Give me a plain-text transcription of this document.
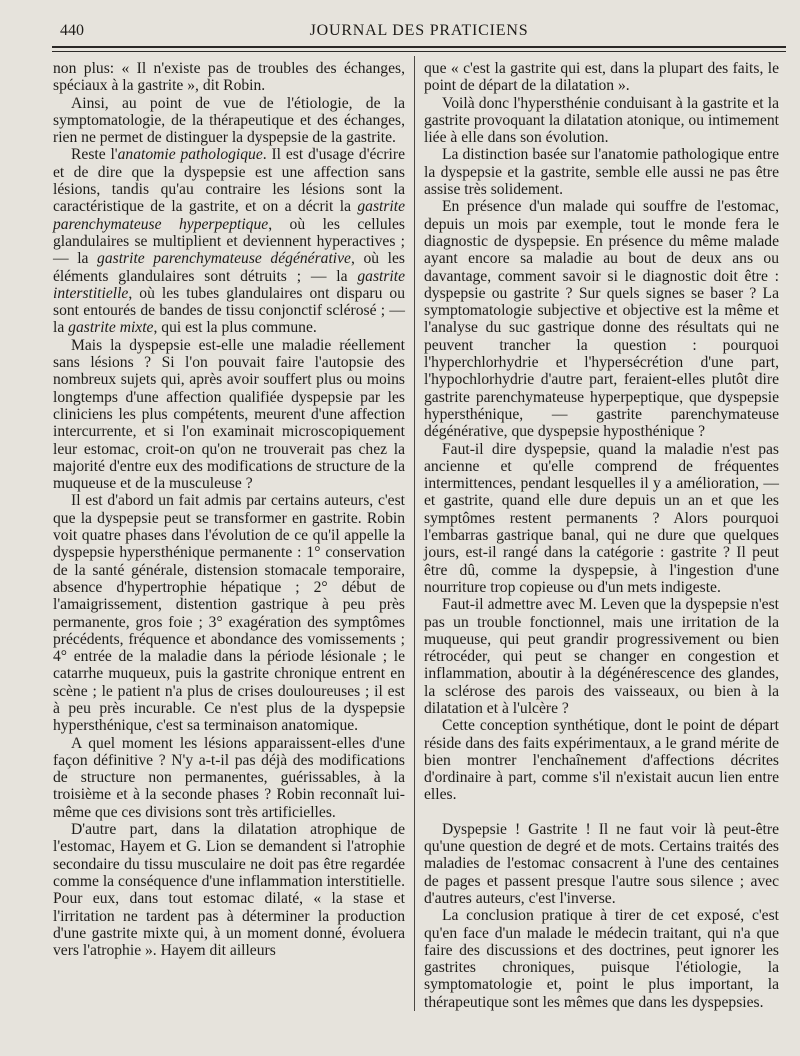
440	JOURNAL DES PRATICIENS

non plus: « Il n'existe pas de troubles des échanges, spéciaux à la gastrite », dit Robin.

Ainsi, au point de vue de l'étiologie, de la symptomatologie, de la thérapeutique et des échanges, rien ne permet de distinguer la dyspepsie de la gastrite.

Reste l'anatomie pathologique. Il est d'usage d'écrire et de dire que la dyspepsie est une affection sans lésions, tandis qu'au contraire les lésions sont la caractéristique de la gastrite, et on a décrit la gastrite parenchymateuse hyperpeptique, où les cellules glandulaires se multiplient et deviennent hyperactives ; — la gastrite parenchymateuse dégénérative, où les éléments glandulaires sont détruits ; — la gastrite interstitielle, où les tubes glandulaires ont disparu ou sont entourés de bandes de tissu conjonctif sclérosé ; — la gastrite mixte, qui est la plus commune.

Mais la dyspepsie est-elle une maladie réellement sans lésions ? Si l'on pouvait faire l'autopsie des nombreux sujets qui, après avoir souffert plus ou moins longtemps d'une affection qualifiée dyspepsie par les cliniciens les plus compétents, meurent d'une affection intercurrente, et si l'on examinait microscopiquement leur estomac, croit-on qu'on ne trouverait pas chez la majorité d'entre eux des modifications de structure de la muqueuse et de la musculeuse ?

Il est d'abord un fait admis par certains auteurs, c'est que la dyspepsie peut se transformer en gastrite. Robin voit quatre phases dans l'évolution de ce qu'il appelle la dyspepsie hypersthénique permanente : 1° conservation de la santé générale, distension stomacale temporaire, absence d'hypertrophie hépatique ; 2° début de l'amaigrissement, distention gastrique à peu près permanente, gros foie ; 3° exagération des symptômes précédents, fréquence et abondance des vomissements ; 4° entrée de la maladie dans la période lésionale ; le catarrhe muqueux, puis la gastrite chronique entrent en scène ; le patient n'a plus de crises douloureuses ; il est à peu près incurable. Ce n'est plus de la dyspepsie hypersthénique, c'est sa terminaison anatomique.

A quel moment les lésions apparaissent-elles d'une façon définitive ? N'y a-t-il pas déjà des modifications de structure non permanentes, guérissables, à la troisième et à la seconde phases ? Robin reconnaît lui-même que ces divisions sont très artificielles.

D'autre part, dans la dilatation atrophique de l'estomac, Hayem et G. Lion se demandent si l'atrophie secondaire du tissu musculaire ne doit pas être regardée comme la conséquence d'une inflammation interstitielle. Pour eux, dans tout estomac dilaté, « la stase et l'irritation ne tardent pas à déterminer la production d'une gastrite mixte qui, à un moment donné, évoluera vers l'atrophie ». Hayem dit ailleurs

que « c'est la gastrite qui est, dans la plupart des faits, le point de départ de la dilatation ».

Voilà donc l'hypersthénie conduisant à la gastrite et la gastrite provoquant la dilatation atonique, ou intimement liée à elle dans son évolution.

La distinction basée sur l'anatomie pathologique entre la dyspepsie et la gastrite, semble elle aussi ne pas être assise très solidement.

En présence d'un malade qui souffre de l'estomac, depuis un mois par exemple, tout le monde fera le diagnostic de dyspepsie. En présence du même malade ayant encore sa maladie au bout de deux ans ou davantage, comment savoir si le diagnostic doit être : dyspepsie ou gastrite ? Sur quels signes se baser ? La symptomatologie subjective et objective est la même et l'analyse du suc gastrique donne des résultats qui ne peuvent trancher la question : pourquoi l'hyperchlorhydrie et l'hypersécrétion d'une part, l'hypochlorhydrie d'autre part, feraient-elles plutôt dire gastrite parenchymateuse hyperpeptique, que dyspepsie hypersthénique, — gastrite parenchymateuse dégénérative, que dyspepsie hyposthénique ?

Faut-il dire dyspepsie, quand la maladie n'est pas ancienne et qu'elle comprend de fréquentes intermittences, pendant lesquelles il y a amélioration, — et gastrite, quand elle dure depuis un an et que les symptômes restent permanents ? Alors pourquoi l'embarras gastrique banal, qui ne dure que quelques jours, est-il rangé dans la catégorie : gastrite ? Il peut être dû, comme la dyspepsie, à l'ingestion d'une nourriture trop copieuse ou d'un mets indigeste.

Faut-il admettre avec M. Leven que la dyspepsie n'est pas un trouble fonctionnel, mais une irritation de la muqueuse, qui peut grandir progressivement ou bien rétrocéder, qui peut se changer en congestion et inflammation, aboutir à la dégénérescence des glandes, la sclérose des parois des vaisseaux, ou bien à la dilatation et à l'ulcère ?

Cette conception synthétique, dont le point de départ réside dans des faits expérimentaux, a le grand mérite de bien montrer l'enchaînement d'affections décrites d'ordinaire à part, comme s'il n'existait aucun lien entre elles.

Dyspepsie ! Gastrite ! Il ne faut voir là peut-être qu'une question de degré et de mots. Certains traités des maladies de l'estomac consacrent à l'une des centaines de pages et passent presque l'autre sous silence ; avec d'autres auteurs, c'est l'inverse.

La conclusion pratique à tirer de cet exposé, c'est qu'en face d'un malade le médecin traitant, qui n'a que faire des discussions et des doctrines, peut ignorer les gastrites chroniques, puisque l'étiologie, la symptomatologie et, point le plus important, la thérapeutique sont les mêmes que dans les dyspepsies.
